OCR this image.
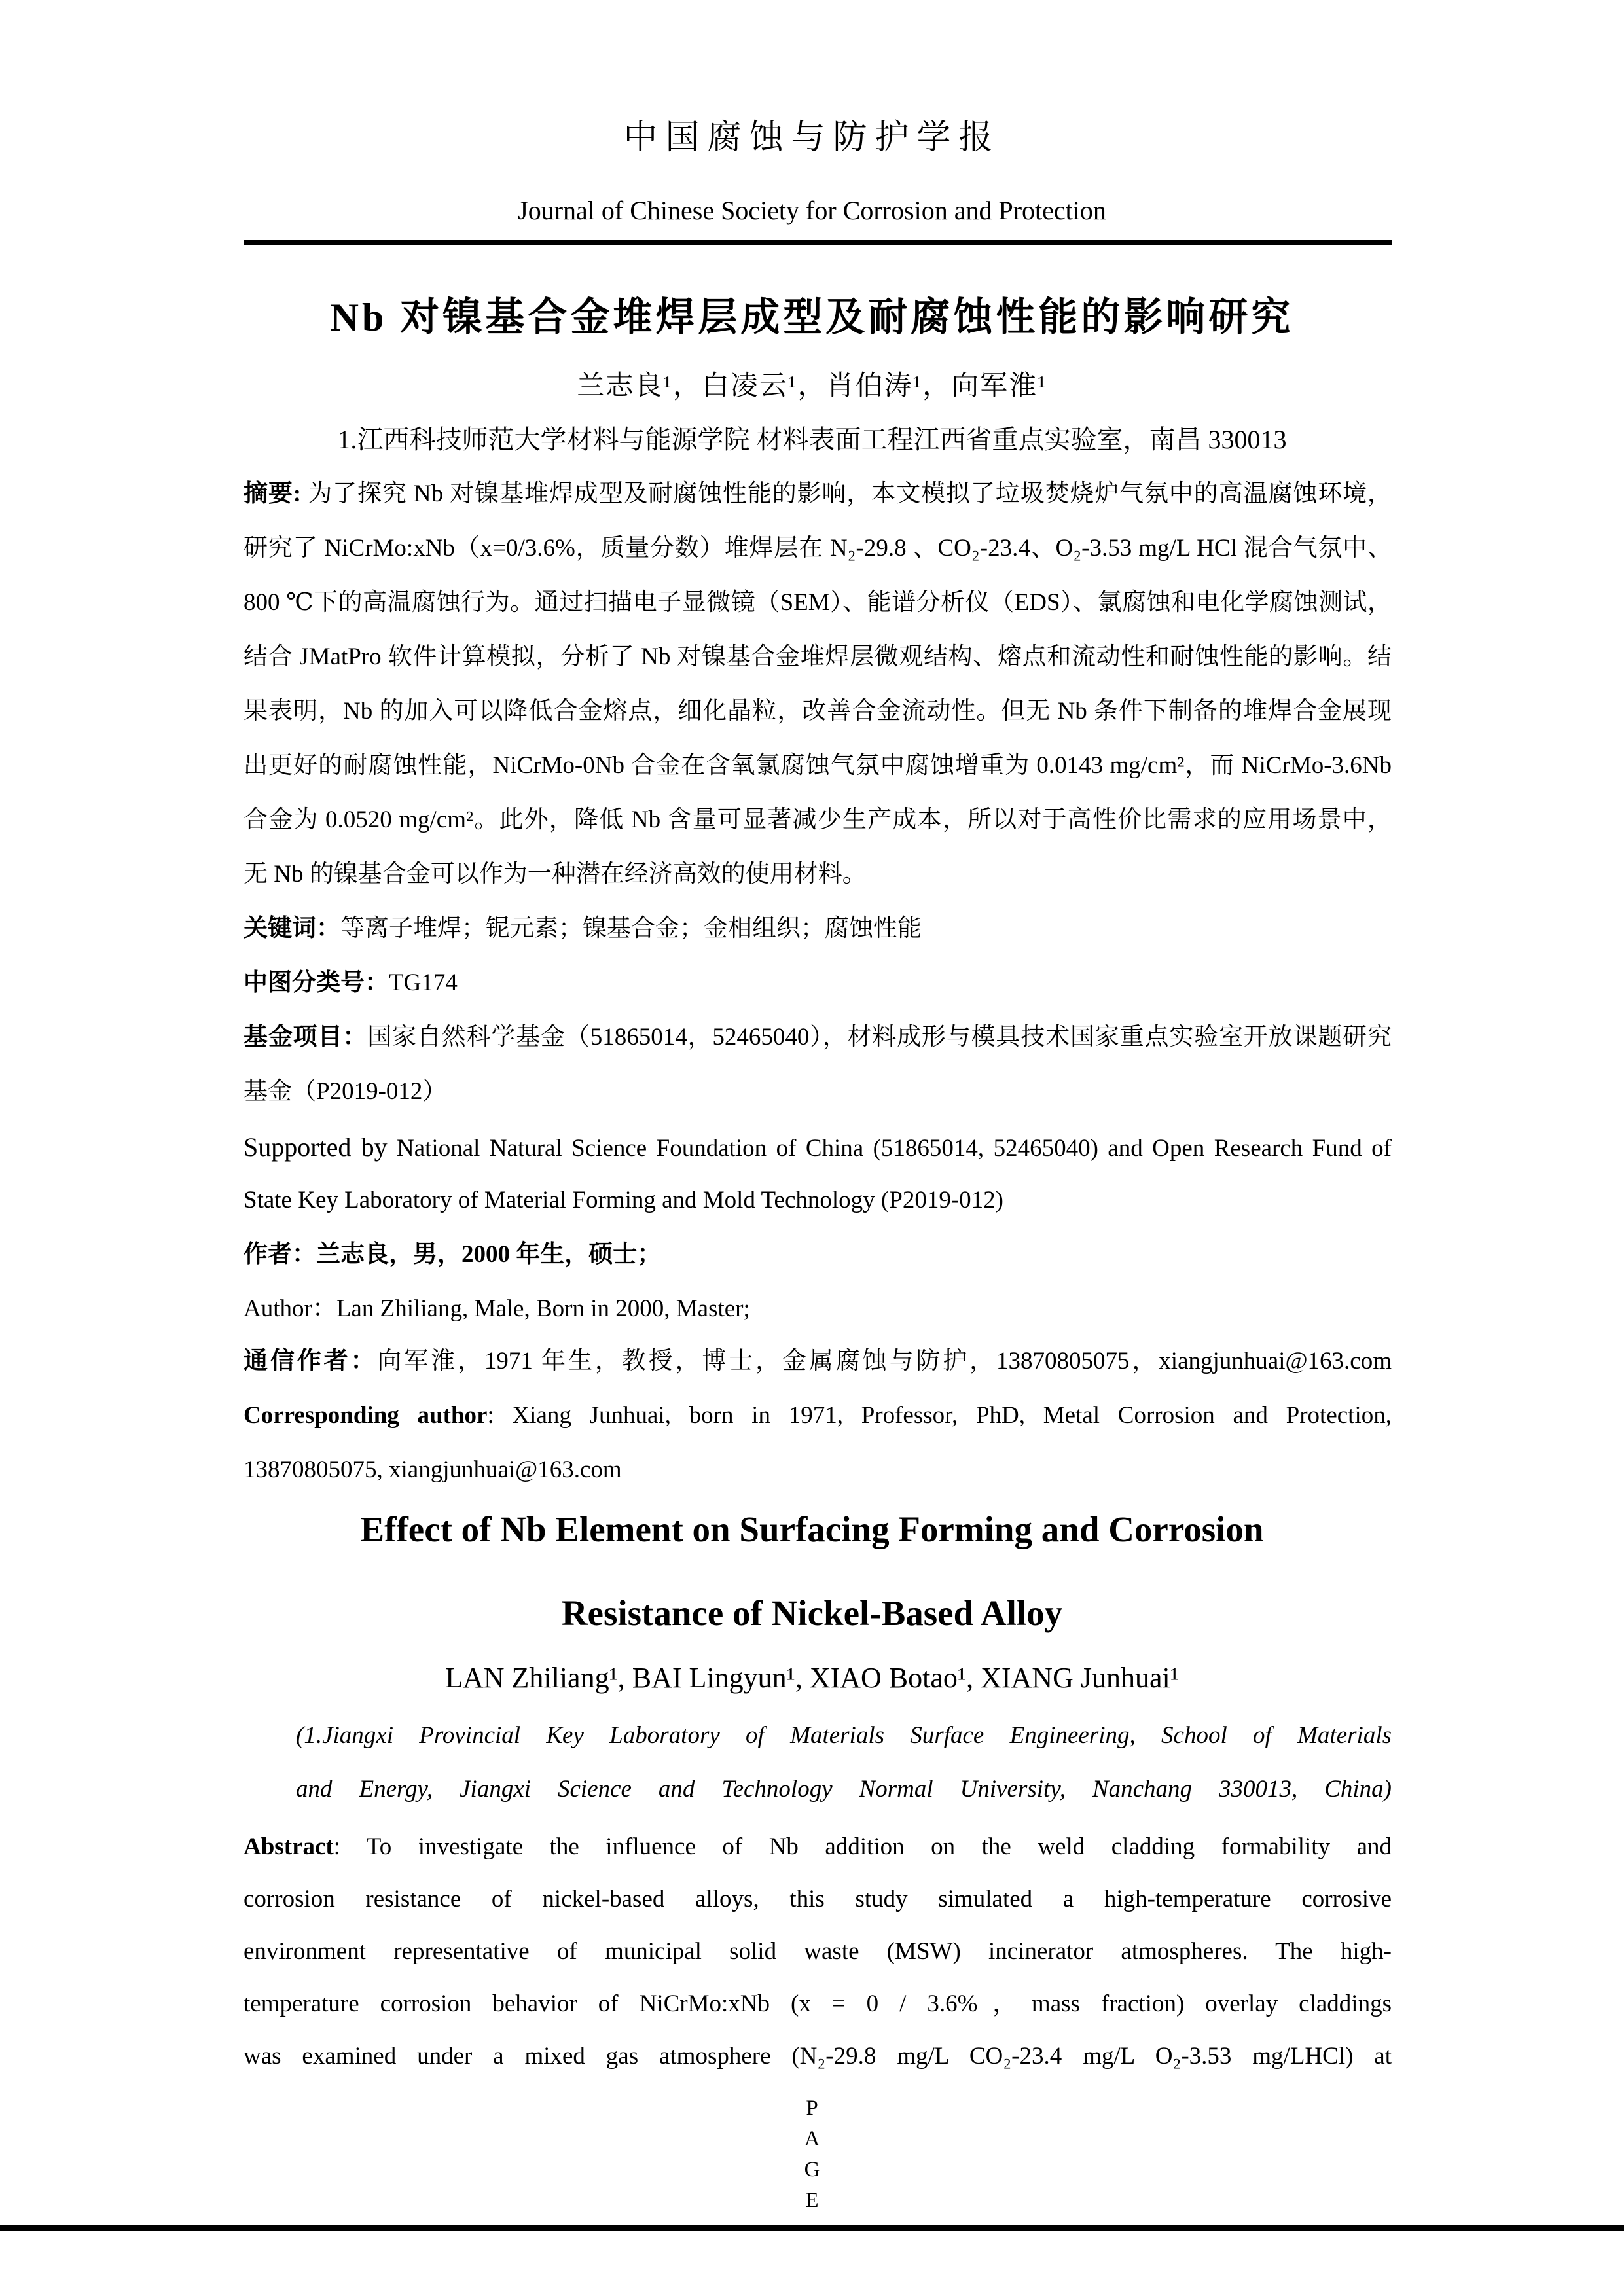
中国腐蚀与防护学报
Journal of Chinese Society for Corrosion and Protection
Nb 对镍基合金堆焊层成型及耐腐蚀性能的影响研究
兰志良¹，白凌云¹，肖伯涛¹，向军淮¹
1.江西科技师范大学材料与能源学院 材料表面工程江西省重点实验室，南昌 330013
摘要: 为了探究 Nb 对镍基堆焊成型及耐腐蚀性能的影响，本文模拟了垃圾焚烧炉气氛中的高温腐蚀环境，
研究了 NiCrMo:xNb（x=0/3.6%，质量分数）堆焊层在 N₂-29.8 、CO₂-23.4、O₂-3.53 mg/L HCl 混合气氛中、
800 ℃下的高温腐蚀行为。通过扫描电子显微镜（SEM）、能谱分析仪（EDS）、氯腐蚀和电化学腐蚀测试，
结合 JMatPro 软件计算模拟，分析了 Nb 对镍基合金堆焊层微观结构、熔点和流动性和耐蚀性能的影响。结
果表明，Nb 的加入可以降低合金熔点，细化晶粒，改善合金流动性。但无 Nb 条件下制备的堆焊合金展现
出更好的耐腐蚀性能，NiCrMo-0Nb 合金在含氧氯腐蚀气氛中腐蚀增重为 0.0143 mg/cm²，而 NiCrMo-3.6Nb
合金为 0.0520 mg/cm²。此外，降低 Nb 含量可显著减少生产成本，所以对于高性价比需求的应用场景中，
无 Nb 的镍基合金可以作为一种潜在经济高效的使用材料。
关键词：等离子堆焊；铌元素；镍基合金；金相组织；腐蚀性能
中图分类号：TG174
基金项目：国家自然科学基金（51865014，52465040），材料成形与模具技术国家重点实验室开放课题研究
基金（P2019-012）
Supported by National Natural Science Foundation of China (51865014, 52465040) and Open Research Fund of
State Key Laboratory of Material Forming and Mold Technology (P2019-012)
作者：兰志良，男，2000 年生，硕士；
Author：Lan Zhiliang, Male, Born in 2000, Master;
通信作者：向军淮，1971 年生，教授，博士，金属腐蚀与防护，13870805075，xiangjunhuai@163.com
Corresponding author: Xiang Junhuai, born in 1971, Professor, PhD, Metal Corrosion and Protection,
13870805075, xiangjunhuai@163.com
Effect of Nb Element on Surfacing Forming and Corrosion
Resistance of Nickel-Based Alloy
LAN Zhiliang¹, BAI Lingyun¹, XIAO Botao¹, XIANG Junhuai¹
(1.Jiangxi Provincial Key Laboratory of Materials Surface Engineering, School of Materials
and Energy, Jiangxi Science and Technology Normal University, Nanchang 330013, China)
Abstract: To investigate the influence of Nb addition on the weld cladding formability and
corrosion resistance of nickel-based alloys, this study simulated a high-temperature corrosive
environment representative of municipal solid waste (MSW) incinerator atmospheres. The high-
temperature corrosion behavior of NiCrMo:xNb (x = 0 / 3.6%，mass fraction) overlay claddings
was examined under a mixed gas atmosphere (N₂-29.8 mg/L CO₂-23.4 mg/L O₂-3.53 mg/LHCl) at
P
A
G
E
